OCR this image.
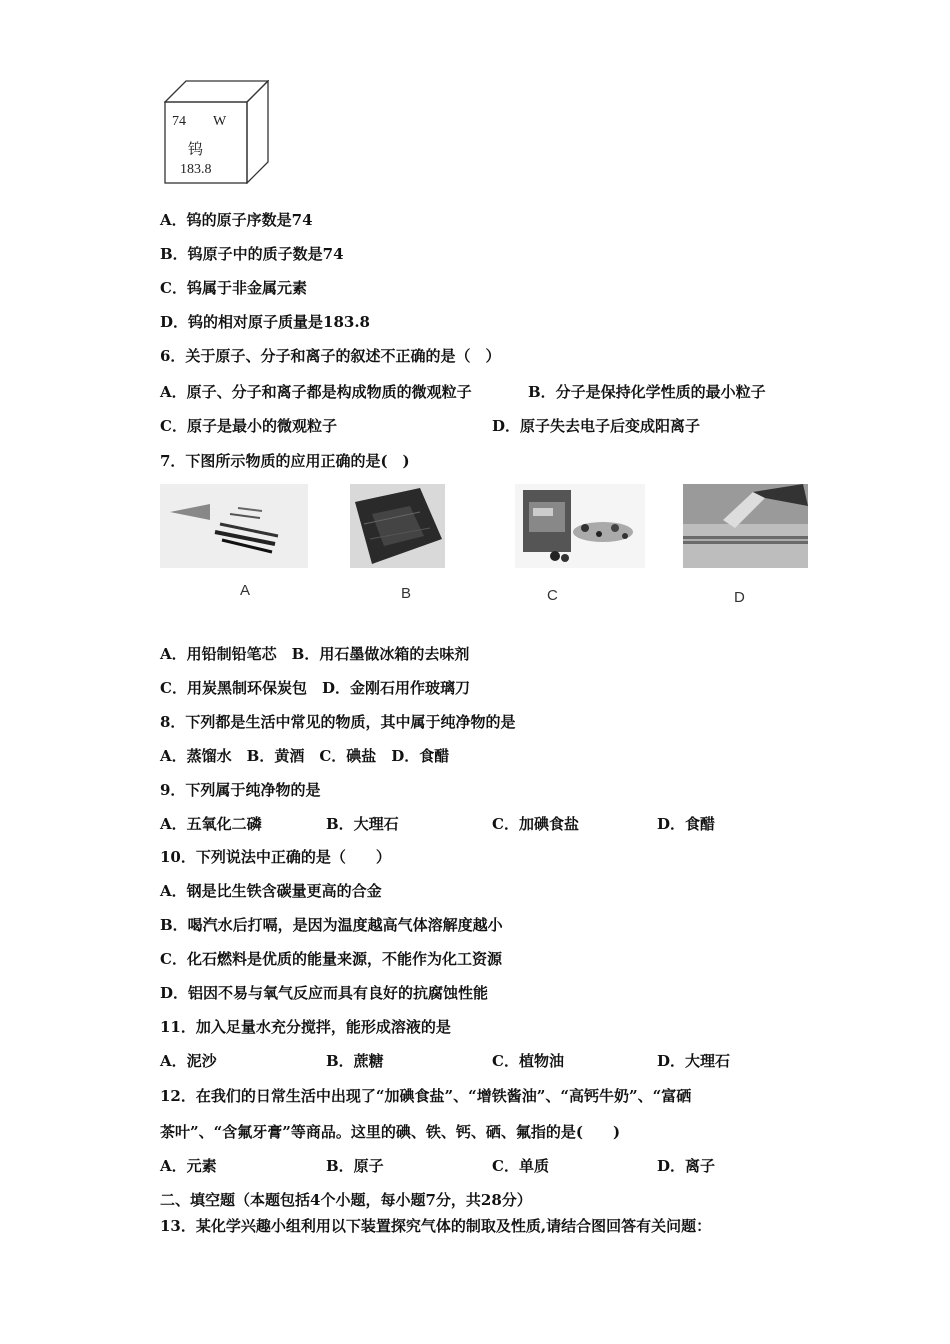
74 W
钨
183.8
A．钨的原子序数是74
B．钨原子中的质子数是74
C．钨属于非金属元素
D．钨的相对原子质量是183.8
6．关于原子、分子和离子的叙述不正确的是（　）
A．原子、分子和离子都是构成物质的微观粒子	B．分子是保持化学性质的最小粒子
C．原子是最小的微观粒子	D．原子失去电子后变成阳离子
7．下图所示物质的应用正确的是(　)
A	B	C	D
A．用铅制铅笔芯　B．用石墨做冰箱的去味剂
C．用炭黑制环保炭包　D．金刚石用作玻璃刀
8．下列都是生活中常见的物质，其中属于纯净物的是
A．蒸馏水　B．黄酒　C．碘盐　D．食醋
9．下列属于纯净物的是
A．五氧化二磷	B．大理石	C．加碘食盐	D．食醋
10．下列说法中正确的是（　　）
A．钢是比生铁含碳量更高的合金
B．喝汽水后打嗝，是因为温度越高气体溶解度越小
C．化石燃料是优质的能量来源，不能作为化工资源
D．铝因不易与氧气反应而具有良好的抗腐蚀性能
11．加入足量水充分搅拌，能形成溶液的是
A．泥沙	B．蔗糖	C．植物油	D．大理石
12．在我们的日常生活中出现了“加碘食盐”、“增铁酱油”、“高钙牛奶”、“富硒
茶叶”、“含氟牙膏”等商品。这里的碘、铁、钙、硒、氟指的是(　　)
A．元素	B．原子	C．单质	D．离子
二、填空题（本题包括4个小题，每小题7分，共28分）
13．某化学兴趣小组利用以下装置探究气体的制取及性质,请结合图回答有关问题：
